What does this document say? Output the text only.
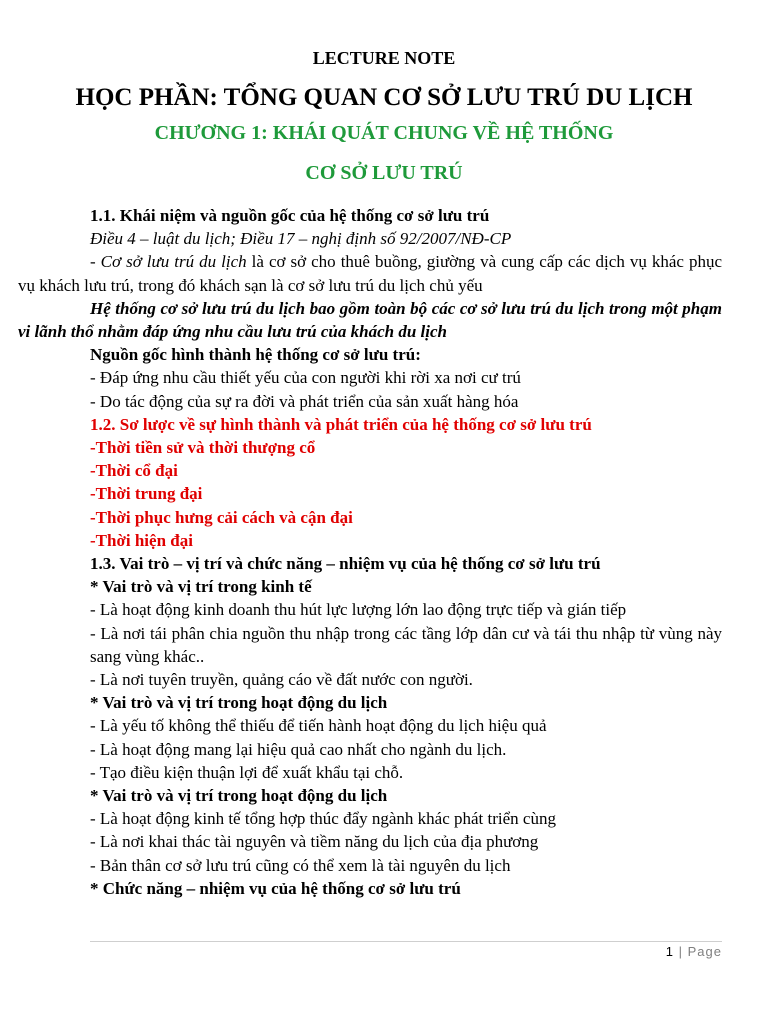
LECTURE NOTE
HỌC PHẦN: TỔNG QUAN CƠ SỞ LƯU TRÚ DU LỊCH
CHƯƠNG 1: KHÁI QUÁT CHUNG VỀ HỆ THỐNG
CƠ SỞ LƯU TRÚ
1.1. Khái niệm và nguồn gốc của hệ thống cơ sở lưu trú
Điều 4 – luật du lịch; Điều 17 – nghị định số 92/2007/NĐ-CP
- Cơ sở lưu trú du lịch là cơ sở cho thuê buồng, giường và cung cấp các dịch vụ khác phục vụ khách lưu trú, trong đó khách sạn là cơ sở lưu trú du lịch chủ yếu
Hệ thống cơ sở lưu trú du lịch bao gồm toàn bộ các cơ sở lưu trú du lịch trong một phạm vi lãnh thổ nhằm đáp ứng nhu cầu lưu trú của khách du lịch
Nguồn gốc hình thành hệ thống cơ sở lưu trú:
- Đáp ứng nhu cầu thiết yếu của con người khi rời xa nơi cư trú
- Do tác động của sự ra đời và phát triển của sản xuất hàng hóa
1.2. Sơ lược về sự hình thành và phát triển của hệ thống cơ sở lưu trú
-Thời tiền sử và thời thượng cổ
-Thời cổ đại
-Thời trung đại
-Thời phục hưng cải cách và cận đại
-Thời hiện đại
1.3. Vai trò – vị trí và chức năng – nhiệm vụ của hệ thống cơ sở lưu trú
* Vai trò và vị trí trong kinh tế
- Là hoạt động kinh doanh thu hút lực lượng lớn lao động trực tiếp và gián tiếp
- Là nơi tái phân chia nguồn thu nhập trong các tầng lớp dân cư và tái thu nhập từ vùng này sang vùng khác..
- Là nơi tuyên truyền, quảng cáo về đất nước con người.
* Vai trò và vị trí trong hoạt động du lịch
- Là yếu tố không thể thiếu để tiến hành hoạt động du lịch hiệu quả
- Là hoạt động mang lại hiệu quả cao nhất cho ngành du lịch.
- Tạo điều kiện thuận lợi để xuất khẩu tại chỗ.
* Vai trò và vị trí trong hoạt động du lịch
- Là hoạt động kinh tế tổng hợp thúc đẩy ngành khác phát triển cùng
- Là nơi khai thác tài nguyên và tiềm năng du lịch của địa phương
- Bản thân cơ sở lưu trú cũng có thể xem là tài nguyên du lịch
* Chức năng – nhiệm vụ của hệ thống cơ sở lưu trú
1 | Page
